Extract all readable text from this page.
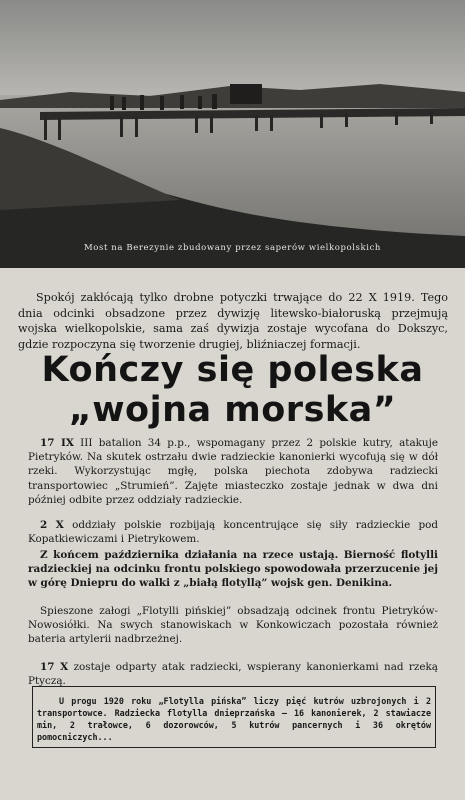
Most na Berezynie zbudowany przez saperów wielkopolskich

Spokój zakłócają tylko drobne potyczki trwające do 22 X 1919. Tego dnia odcinki obsadzone przez dywizję litewsko-białoruską przejmują wojska wielkopolskie, sama zaś dywizja zostaje wycofana do Dokszyc, gdzie rozpoczyna się tworzenie drugiej, bliźniaczej formacji.

Kończy się poleska
„wojna morska”

17 IX III batalion 34 p.p., wspomagany przez 2 polskie kutry, atakuje Pietryków. Na skutek ostrzału dwie radzieckie kanonierki wycofują się w dół rzeki. Wykorzystując mgłę, polska piechota zdobywa radziecki transportowiec „Strumień”. Zajęte miasteczko zostaje jednak w dwa dni później odbite przez oddziały radzieckie.

2 X oddziały polskie rozbijają koncentrujące się siły radzieckie pod Kopatkiewiczami i Pietrykowem.

Z końcem października działania na rzece ustają. Bierność flotylli radzieckiej na odcinku frontu polskiego spowodowała przerzucenie jej w górę Dniepru do walki z „białą flotyllą” wojsk gen. Denikina.

Spieszone załogi „Flotylli pińskiej” obsadzają odcinek frontu Pietryków-Nowosiółki. Na swych stanowiskach w Konkowiczach pozostała również bateria artylerii nadbrzeżnej.

17 X zostaje odparty atak radziecki, wspierany kanonierkami nad rzeką Ptyczą.

U progu 1920 roku „Flotylla pińska” liczy pięć kutrów uzbrojonych i 2 transportowce. Radziecka flotylla dnieprzańska — 16 kanonierek, 2 stawiacze min, 2 trałowce, 6 dozorowców, 5 kutrów pancernych i 36 okrętów pomocniczych...
